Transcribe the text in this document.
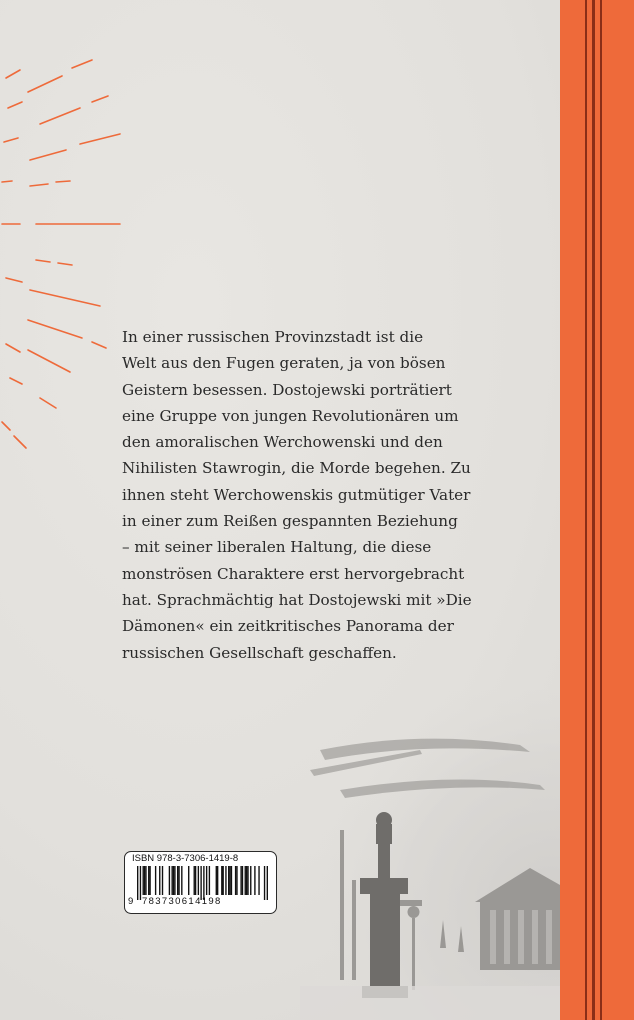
In einer russischen Provinzstadt ist die
Welt aus den Fugen geraten, ja von bösen
Geistern besessen. Dostojewski porträtiert
eine Gruppe von jungen Revolutionären um
den amoralischen Werchowenski und den
Nihilisten Stawrogin, die Morde begehen. Zu
ihnen steht Werchowenskis gutmütiger Vater
in einer zum Reißen gespannten Beziehung
– mit seiner liberalen Haltung, die diese
monströsen Charaktere erst hervorgebracht
hat. Sprachmächtig hat Dostojewski mit »Die
Dämonen« ein zeitkritisches Panorama der
russischen Gesellschaft geschaffen.

ISBN 978-3-7306-1419-8
9 783730614198
